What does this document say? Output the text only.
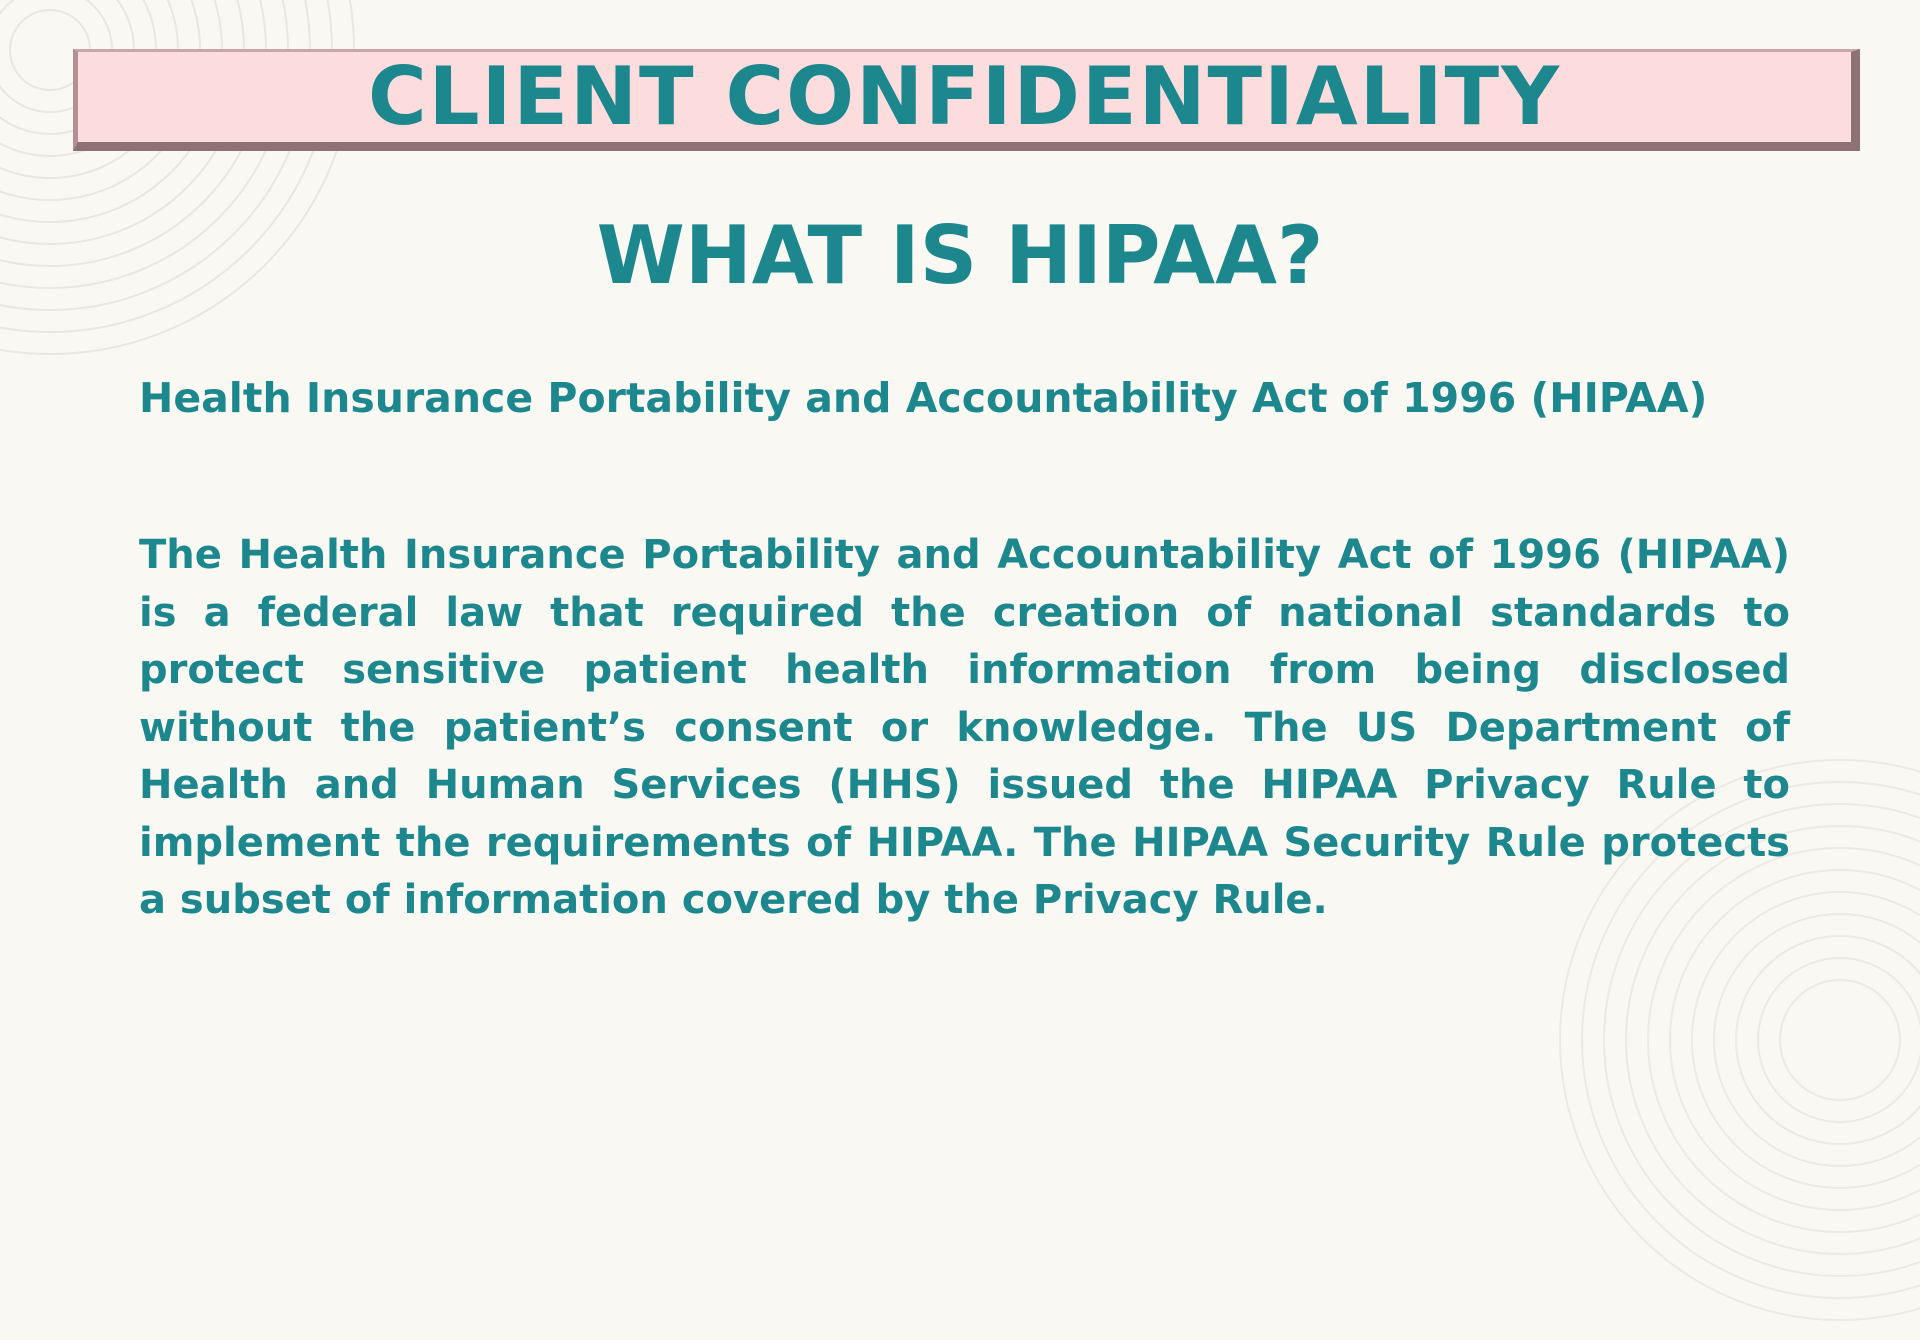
CLIENT CONFIDENTIALITY
WHAT IS HIPAA?

Health Insurance Portability and Accountability Act of 1996 (HIPAA)

The Health Insurance Portability and Accountability Act of 1996 (HIPAA) is a federal law that required the creation of national standards to protect sensitive patient health information from being disclosed without the patient’s consent or knowledge. The US Department of Health and Human Services (HHS) issued the HIPAA Privacy Rule to implement the requirements of HIPAA. The HIPAA Security Rule protects a subset of information covered by the Privacy Rule.
